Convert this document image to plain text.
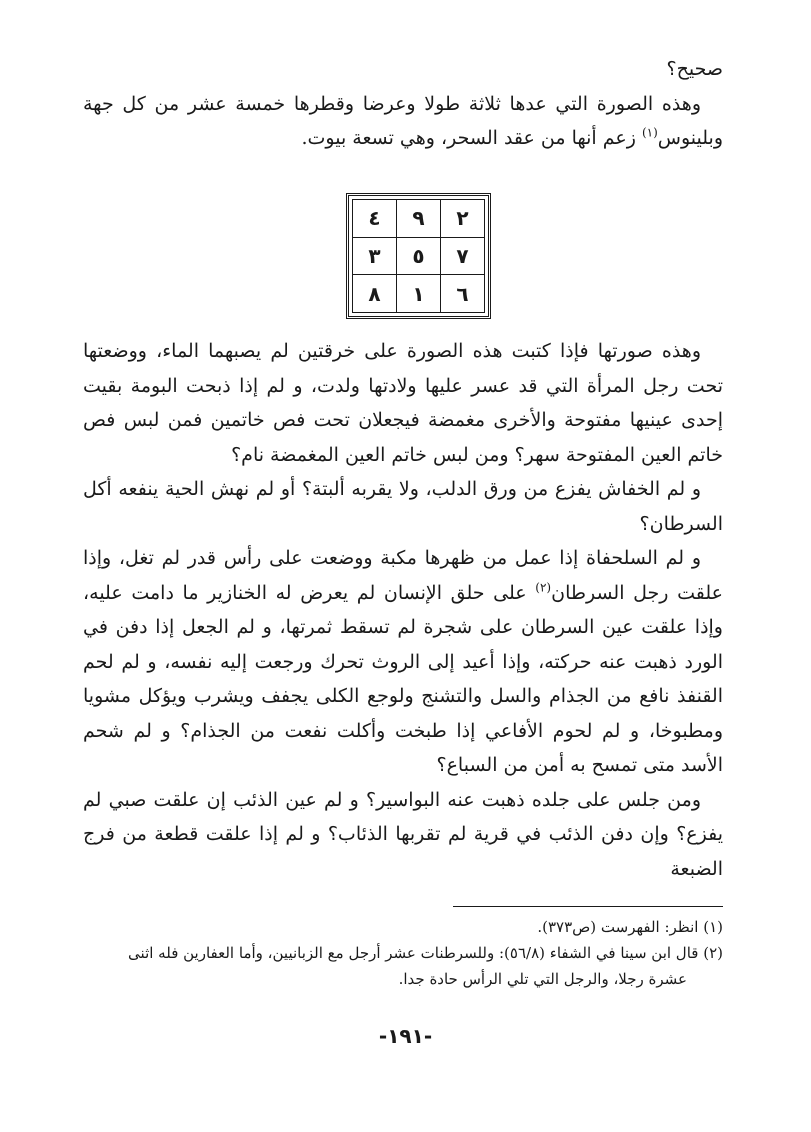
صحيح؟

وهذه الصورة التي عدها ثلاثة طولا وعرضا وقطرها خمسة عشر من كل جهة وبلينوس$^{(١)}$ زعم أنها من عقد السحر، وهي تسعة بيوت.

٢	٩	٤
٧	٥	٣
٦	١	٨

وهذه صورتها فإذا كتبت هذه الصورة على خرقتين لم يصبهما الماء، ووضعتها تحت رجل المرأة التي قد عسر عليها ولادتها ولدت، و لم إذا ذبحت البومة بقيت إحدى عينيها مفتوحة والأخرى مغمضة فيجعلان تحت فص خاتمين فمن لبس فص خاتم العين المفتوحة سهر؟ ومن لبس خاتم العين المغمضة نام؟

و لم الخفاش يفزع من ورق الدلب، ولا يقربه ألبتة؟ أو لم نهش الحية ينفعه أكل السرطان؟

و لم السلحفاة إذا عمل من ظهرها مكبة ووضعت على رأس قدر لم تغل، وإذا علقت رجل السرطان$^{(٢)}$ على حلق الإنسان لم يعرض له الخنازير ما دامت عليه، وإذا علقت عين السرطان على شجرة لم تسقط ثمرتها، و لم الجعل إذا دفن في الورد ذهبت عنه حركته، وإذا أعيد إلى الروث تحرك ورجعت إليه نفسه، و لم لحم القنفذ نافع من الجذام والسل والتشنج ولوجع الكلى يجفف ويشرب ويؤكل مشويا ومطبوخا، و لم لحوم الأفاعي إذا طبخت وأكلت نفعت من الجذام؟ و لم شحم الأسد متى تمسح به أمن من السباع؟

ومن جلس على جلده ذهبت عنه البواسير؟ و لم عين الذئب إن علقت صبي لم يفزع؟ وإن دفن الذئب في قرية لم تقربها الذئاب؟ و لم إذا علقت قطعة من فرج الضبعة

(١) انظر: الفهرست (ص٣٧٣).

(٢) قال ابن سينا في الشفاء (٥٦/٨): وللسرطنات عشر أرجل مع الزبانيين، وأما العفارين فله اثنى

عشرة رجلا، والرجل التي تلي الرأس حادة جدا.

-١٩١-
